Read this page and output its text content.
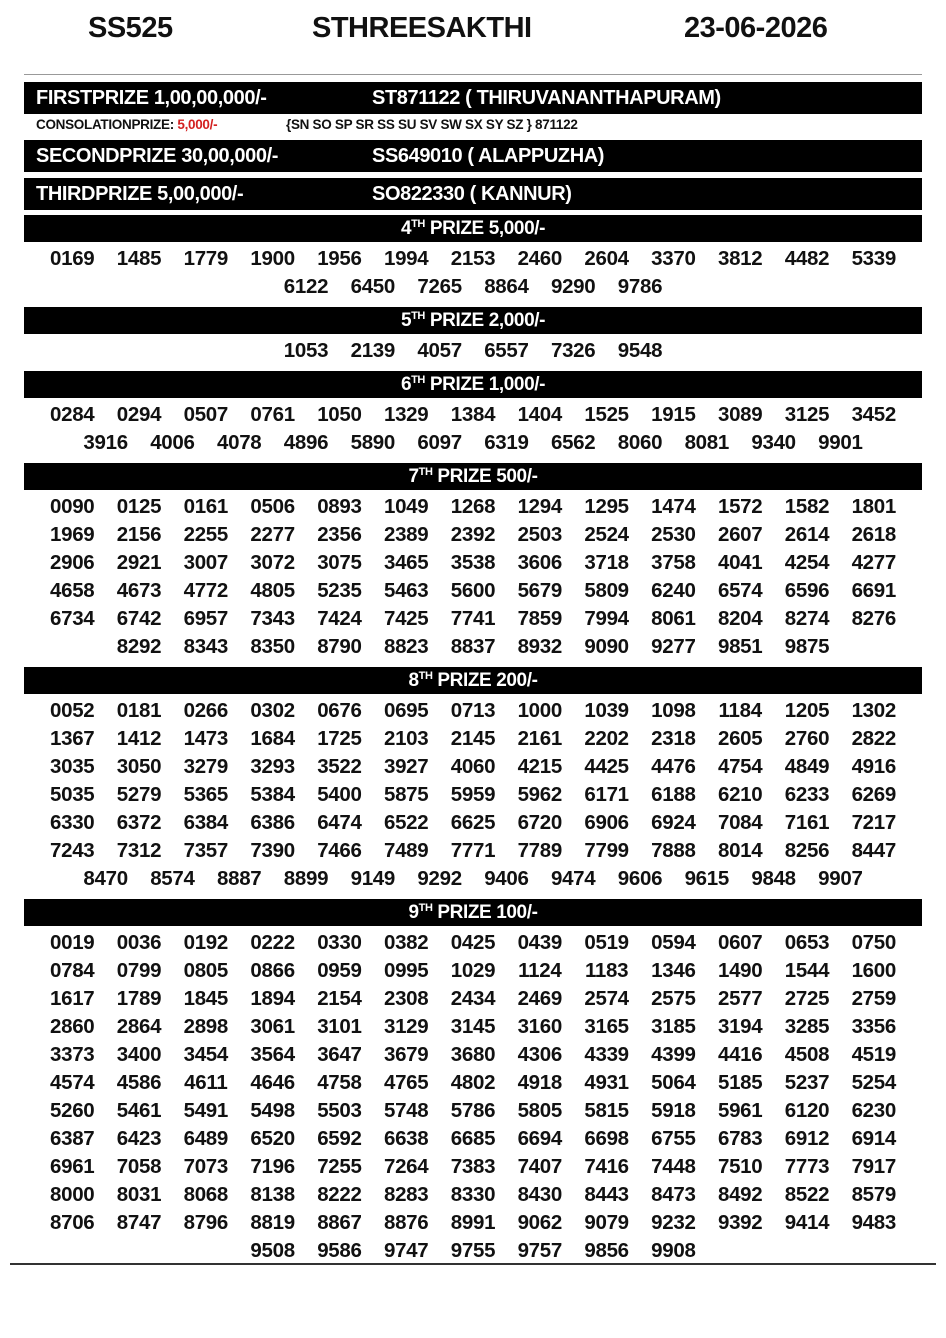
SS525	STHREESAKTHI	23-06-2026
FIRSTPRIZE 1,00,00,000/-	ST871122 ( THIRUVANANTHAPURAM)
CONSOLATIONPRIZE: 5,000/-	{SN SO SP SR SS SU SV SW SX SY SZ } 871122
SECONDPRIZE 30,00,000/-	SS649010 ( ALAPPUZHA)
THIRDPRIZE 5,00,000/-	SO822330 ( KANNUR)
4TH PRIZE 5,000/-
0169	1485	1779	1900	1956	1994	2153	2460	2604	3370	3812	4482	5339
6122	6450	7265	8864	9290	9786
5TH PRIZE 2,000/-
1053	2139	4057	6557	7326	9548
6TH PRIZE 1,000/-
0284	0294	0507	0761	1050	1329	1384	1404	1525	1915	3089	3125	3452
3916	4006	4078	4896	5890	6097	6319	6562	8060	8081	9340	9901
7TH PRIZE 500/-
0090	0125	0161	0506	0893	1049	1268	1294	1295	1474	1572	1582	1801
1969	2156	2255	2277	2356	2389	2392	2503	2524	2530	2607	2614	2618
2906	2921	3007	3072	3075	3465	3538	3606	3718	3758	4041	4254	4277
4658	4673	4772	4805	5235	5463	5600	5679	5809	6240	6574	6596	6691
6734	6742	6957	7343	7424	7425	7741	7859	7994	8061	8204	8274	8276
8292	8343	8350	8790	8823	8837	8932	9090	9277	9851	9875
8TH PRIZE 200/-
0052	0181	0266	0302	0676	0695	0713	1000	1039	1098	1184	1205	1302
1367	1412	1473	1684	1725	2103	2145	2161	2202	2318	2605	2760	2822
3035	3050	3279	3293	3522	3927	4060	4215	4425	4476	4754	4849	4916
5035	5279	5365	5384	5400	5875	5959	5962	6171	6188	6210	6233	6269
6330	6372	6384	6386	6474	6522	6625	6720	6906	6924	7084	7161	7217
7243	7312	7357	7390	7466	7489	7771	7789	7799	7888	8014	8256	8447
8470	8574	8887	8899	9149	9292	9406	9474	9606	9615	9848	9907
9TH PRIZE 100/-
0019	0036	0192	0222	0330	0382	0425	0439	0519	0594	0607	0653	0750
0784	0799	0805	0866	0959	0995	1029	1124	1183	1346	1490	1544	1600
1617	1789	1845	1894	2154	2308	2434	2469	2574	2575	2577	2725	2759
2860	2864	2898	3061	3101	3129	3145	3160	3165	3185	3194	3285	3356
3373	3400	3454	3564	3647	3679	3680	4306	4339	4399	4416	4508	4519
4574	4586	4611	4646	4758	4765	4802	4918	4931	5064	5185	5237	5254
5260	5461	5491	5498	5503	5748	5786	5805	5815	5918	5961	6120	6230
6387	6423	6489	6520	6592	6638	6685	6694	6698	6755	6783	6912	6914
6961	7058	7073	7196	7255	7264	7383	7407	7416	7448	7510	7773	7917
8000	8031	8068	8138	8222	8283	8330	8430	8443	8473	8492	8522	8579
8706	8747	8796	8819	8867	8876	8991	9062	9079	9232	9392	9414	9483
9508	9586	9747	9755	9757	9856	9908
